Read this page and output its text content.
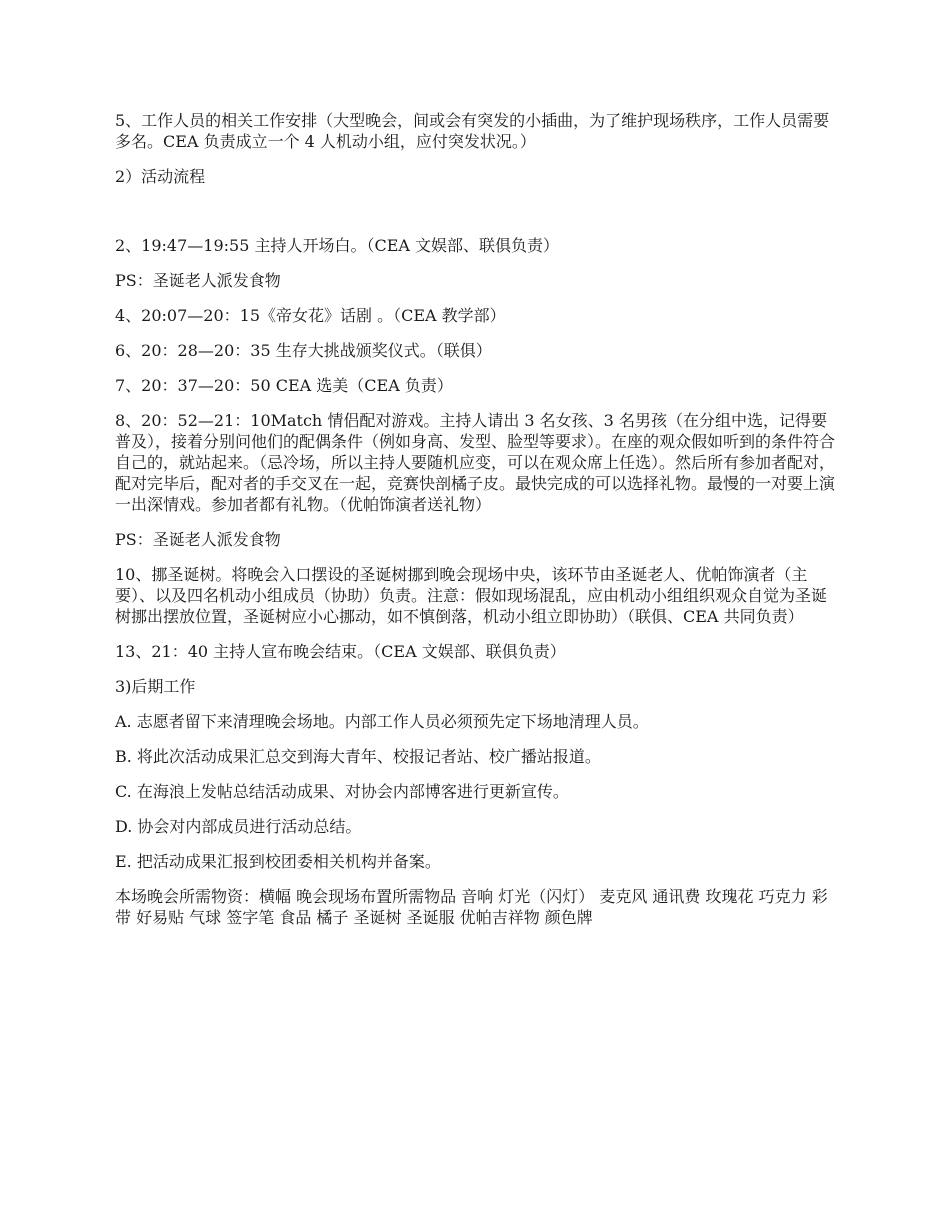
5、工作人员的相关工作安排（大型晚会，间或会有突发的小插曲，为了维护现场秩序，工作人员需要多名。CEA 负责成立一个 4 人机动小组，应付突发状况。）

2）活动流程

2、19:47—19:55 主持人开场白。（CEA 文娱部、联俱负责）

PS：圣诞老人派发食物

4、20:07—20：15《帝女花》话剧 。（CEA 教学部）

6、20：28—20：35 生存大挑战颁奖仪式。（联俱）

7、20：37—20：50 CEA 选美（CEA 负责）

8、20：52—21：10Match 情侣配对游戏。主持人请出 3 名女孩、3 名男孩（在分组中选，记得要普及），接着分别问他们的配偶条件（例如身高、发型、脸型等要求）。在座的观众假如听到的条件符合自己的，就站起来。（忌冷场，所以主持人要随机应变，可以在观众席上任选）。然后所有参加者配对， 配对完毕后，配对者的手交叉在一起，竞赛快剖橘子皮。最快完成的可以选择礼物。最慢的一对要上演一出深情戏。参加者都有礼物。（优帕饰演者送礼物）

PS：圣诞老人派发食物

10、挪圣诞树。将晚会入口摆设的圣诞树挪到晚会现场中央，该环节由圣诞老人、优帕饰演者（主要）、以及四名机动小组成员（协助）负责。注意：假如现场混乱，应由机动小组组织观众自觉为圣诞树挪出摆放位置，圣诞树应小心挪动，如不慎倒落，机动小组立即协助）（联俱、CEA 共同负责）

13、21：40 主持人宣布晚会结束。（CEA 文娱部、联俱负责）

3)后期工作

A. 志愿者留下来清理晚会场地。内部工作人员必须预先定下场地清理人员。

B. 将此次活动成果汇总交到海大青年、校报记者站、校广播站报道。

C. 在海浪上发帖总结活动成果、对协会内部博客进行更新宣传。

D. 协会对内部成员进行活动总结。

E. 把活动成果汇报到校团委相关机构并备案。

本场晚会所需物资：横幅 晚会现场布置所需物品 音响 灯光（闪灯） 麦克风 通讯费 玫瑰花 巧克力 彩带 好易贴 气球 签字笔 食品 橘子 圣诞树 圣诞服 优帕吉祥物 颜色牌
